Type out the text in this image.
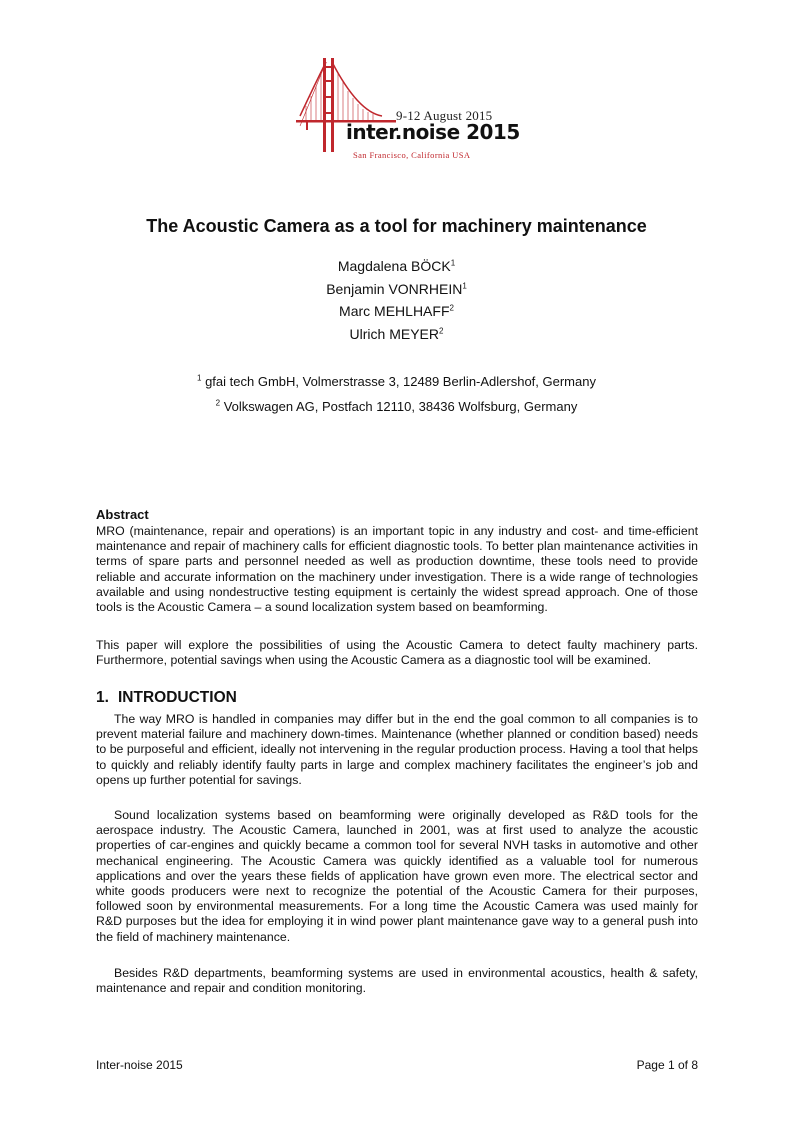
9-12 August 2015
inter.noise 2015
San Francisco, California USA
The Acoustic Camera as a tool for machinery maintenance
Magdalena BÖCK$^1$
Benjamin VONRHEIN$^1$
Marc MEHLHAFF$^2$
Ulrich MEYER$^2$
$^1$ gfai tech GmbH, Volmerstrasse 3, 12489 Berlin-Adlershof, Germany
$^2$ Volkswagen AG, Postfach 12110, 38436 Wolfsburg, Germany
Abstract
MRO (maintenance, repair and operations) is an important topic in any industry and cost- and time-efficient maintenance and repair of machinery calls for efficient diagnostic tools. To better plan maintenance activities in terms of spare parts and personnel needed as well as production downtime, these tools need to provide reliable and accurate information on the machinery under investigation. There is a wide range of technologies available and using nondestructive testing equipment is certainly the widest spread approach. One of those tools is the Acoustic Camera – a sound localization system based on beamforming.
This paper will explore the possibilities of using the Acoustic Camera to detect faulty machinery parts. Furthermore, potential savings when using the Acoustic Camera as a diagnostic tool will be examined.
1. INTRODUCTION
The way MRO is handled in companies may differ but in the end the goal common to all companies is to prevent material failure and machinery down-times. Maintenance (whether planned or condition based) needs to be purposeful and efficient, ideally not intervening in the regular production process. Having a tool that helps to quickly and reliably identify faulty parts in large and complex machinery facilitates the engineer’s job and opens up further potential for savings.
Sound localization systems based on beamforming were originally developed as R&D tools for the aerospace industry. The Acoustic Camera, launched in 2001, was at first used to analyze the acoustic properties of car-engines and quickly became a common tool for several NVH tasks in automotive and other mechanical engineering. The Acoustic Camera was quickly identified as a valuable tool for numerous applications and over the years these fields of application have grown even more. The electrical sector and white goods producers were next to recognize the potential of the Acoustic Camera for their purposes, followed soon by environmental measurements. For a long time the Acoustic Camera was used mainly for R&D purposes but the idea for employing it in wind power plant maintenance gave way to a general push into the field of machinery maintenance.
Besides R&D departments, beamforming systems are used in environmental acoustics, health & safety, maintenance and repair and condition monitoring.
Inter-noise 2015	Page 1 of 8
